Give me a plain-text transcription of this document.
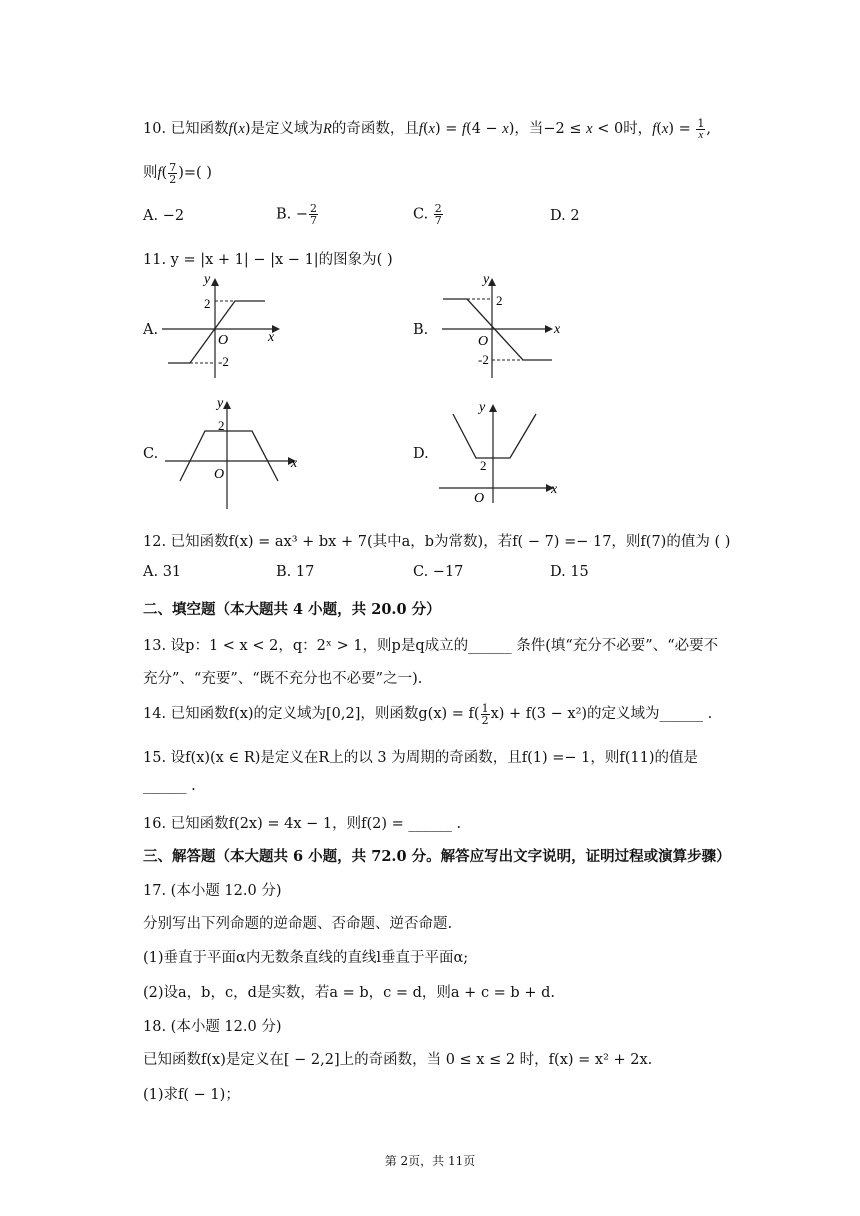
10. 已知函数f(x)是定义域为R的奇函数，且f(x) = f(4 − x)，当−2 ≤ x < 0时，$f(x) = \frac{1}{x}$ ,
则$f( \frac{7}{2}$ )=( )
A. −2	B. − $\frac{2}{7}$	C. $\frac{2}{7}$	D. 2
11. y = |x + 1| − |x − 1|的图象为( )
A.	B.
C.	D.
y
x
O
2
-2
y
x
O
2
-2
y
x
O
2
y
x
O
2
12. 已知函数f(x) = ax³ + bx + 7(其中a，b为常数)，若f( − 7) =− 17，则f(7)的值为 ( )
A. 31	B. 17	C. −17	D. 15
二、填空题（本大题共 4 小题，共 20.0 分）
13. 设p：1 < x < 2，q：2ˣ > 1，则p是q成立的______ 条件(填“充分不必要”、“必要不
充分”、“充要”、“既不充分也不必要”之一).
14. 已知函数f(x)的定义域为[0,2]，则函数$g(x) = f( \frac{1}{2} x) + f(3 - x^2)$的定义域为______ .
15. 设f(x)(x ∈ R)是定义在R上的以 3 为周期的奇函数，且f(1) =− 1，则f(11)的值是
______ .
16. 已知函数f(2x) = 4x − 1，则f(2) = ______ .
三、解答题（本大题共 6 小题，共 72.0 分。解答应写出文字说明，证明过程或演算步骤）
17. (本小题 12.0 分)
分别写出下列命题的逆命题、否命题、逆否命题.
(1)垂直于平面α内无数条直线的直线l垂直于平面α;
(2)设a，b，c，d是实数，若a = b，c = d，则a + c = b + d.
18. (本小题 12.0 分)
已知函数f(x)是定义在[ − 2,2]上的奇函数，当 0 ≤ x ≤ 2 时，f(x) = x² + 2x.
(1)求f( − 1)；
第 2页，共 11页
